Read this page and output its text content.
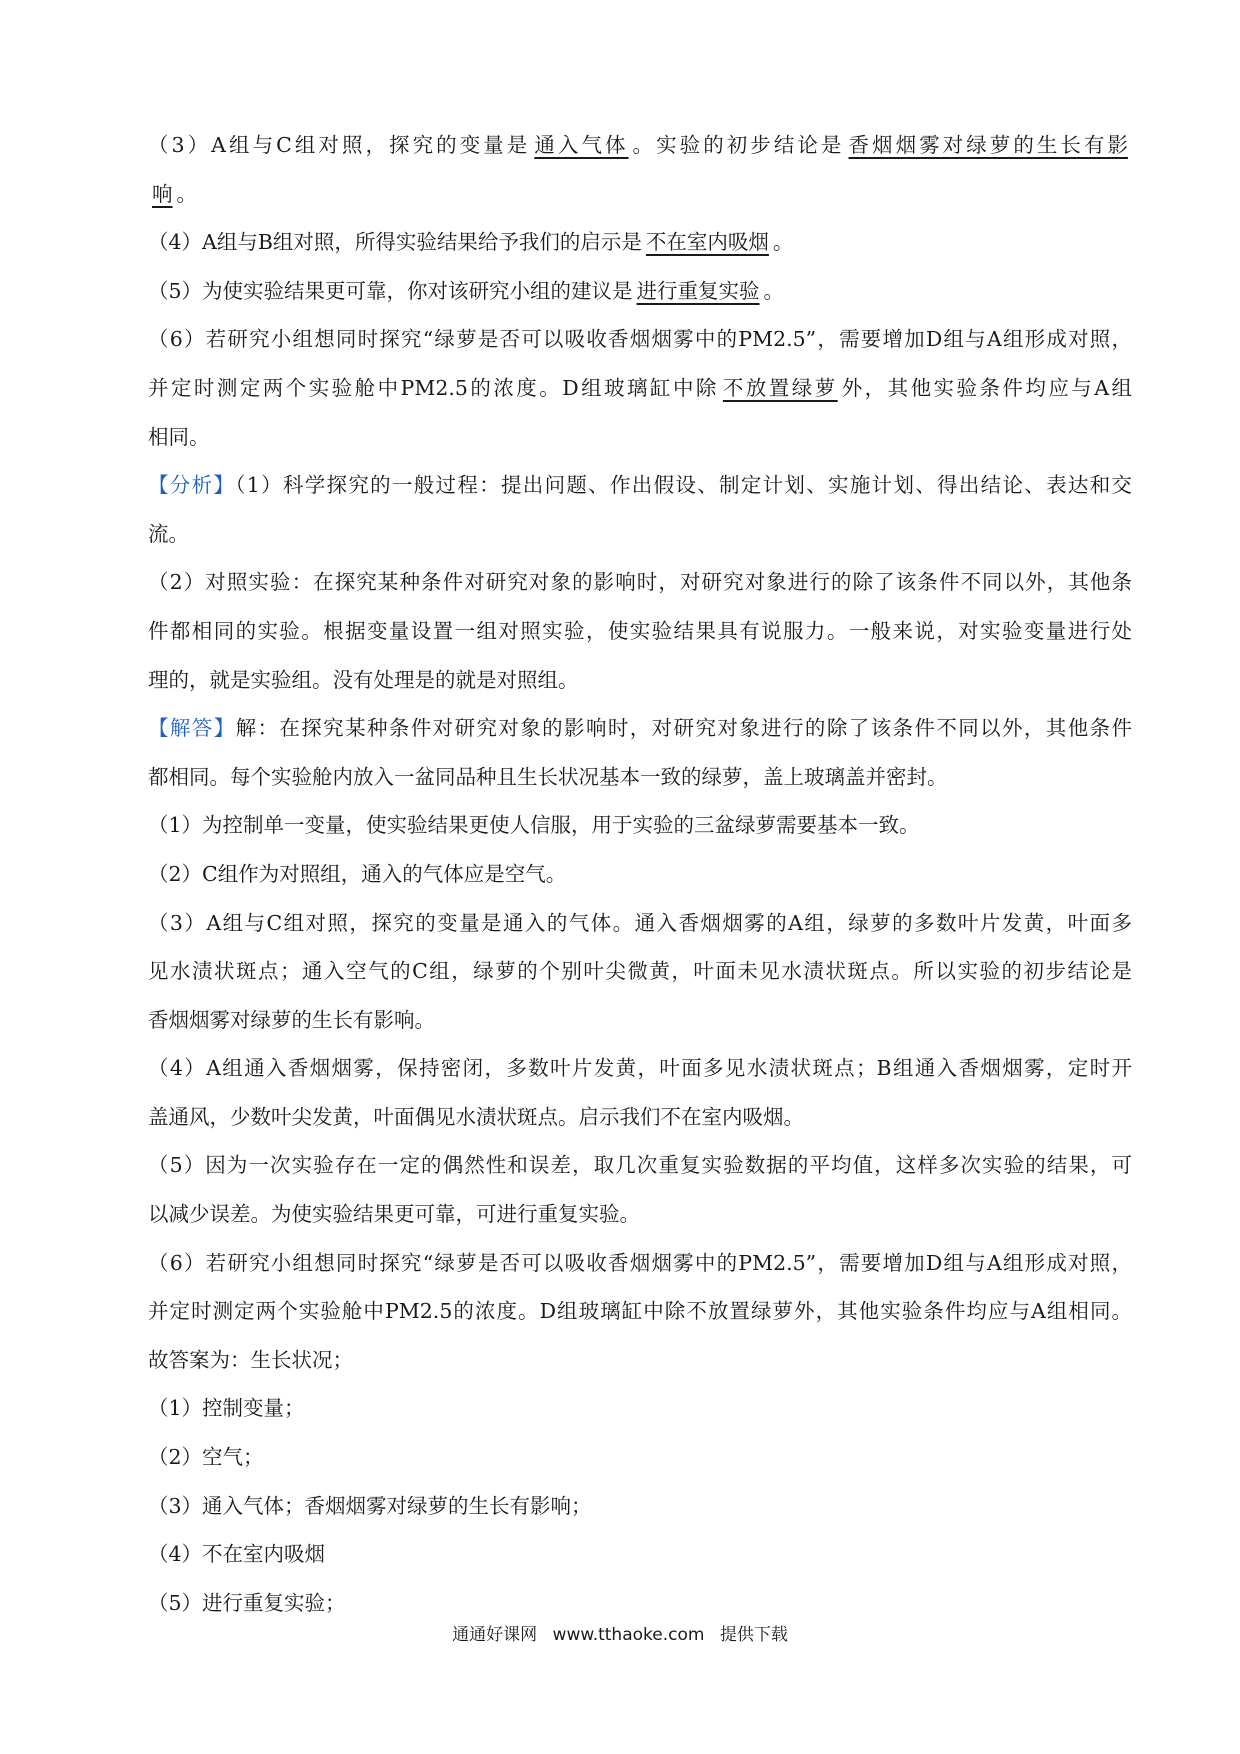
（3）A组与C组对照，探究的变量是 通入气体 。实验的初步结论是 香烟烟雾对绿萝的生长有影
响 。
（4）A组与B组对照，所得实验结果给予我们的启示是 不在室内吸烟 。
（5）为使实验结果更可靠，你对该研究小组的建议是 进行重复实验 。
（6）若研究小组想同时探究“绿萝是否可以吸收香烟烟雾中的PM2.5”，需要增加D组与A组形成对照，
并定时测定两个实验舱中PM2.5的浓度。D组玻璃缸中除 不放置绿萝 外，其他实验条件均应与A组
相同。
【分析】（1）科学探究的一般过程：提出问题、作出假设、制定计划、实施计划、得出结论、表达和交
流。
（2）对照实验：在探究某种条件对研究对象的影响时，对研究对象进行的除了该条件不同以外，其他条
件都相同的实验。根据变量设置一组对照实验，使实验结果具有说服力。一般来说，对实验变量进行处
理的，就是实验组。没有处理是的就是对照组。
【解答】解：在探究某种条件对研究对象的影响时，对研究对象进行的除了该条件不同以外，其他条件
都相同。每个实验舱内放入一盆同品种且生长状况基本一致的绿萝，盖上玻璃盖并密封。
（1）为控制单一变量，使实验结果更使人信服，用于实验的三盆绿萝需要基本一致。
（2）C组作为对照组，通入的气体应是空气。
（3）A组与C组对照，探究的变量是通入的气体。通入香烟烟雾的A组，绿萝的多数叶片发黄，叶面多
见水渍状斑点；通入空气的C组，绿萝的个别叶尖微黄，叶面未见水渍状斑点。所以实验的初步结论是
香烟烟雾对绿萝的生长有影响。
（4）A组通入香烟烟雾，保持密闭，多数叶片发黄，叶面多见水渍状斑点；B组通入香烟烟雾，定时开
盖通风，少数叶尖发黄，叶面偶见水渍状斑点。启示我们不在室内吸烟。
（5）因为一次实验存在一定的偶然性和误差，取几次重复实验数据的平均值，这样多次实验的结果，可
以减少误差。为使实验结果更可靠，可进行重复实验。
（6）若研究小组想同时探究“绿萝是否可以吸收香烟烟雾中的PM2.5”，需要增加D组与A组形成对照，
并定时测定两个实验舱中PM2.5的浓度。D组玻璃缸中除不放置绿萝外，其他实验条件均应与A组相同。
故答案为：生长状况；
（1）控制变量；
（2）空气；
（3）通入气体；香烟烟雾对绿萝的生长有影响；
（4）不在室内吸烟
（5）进行重复实验；
通通好课网 www.tthaoke.com 提供下载
